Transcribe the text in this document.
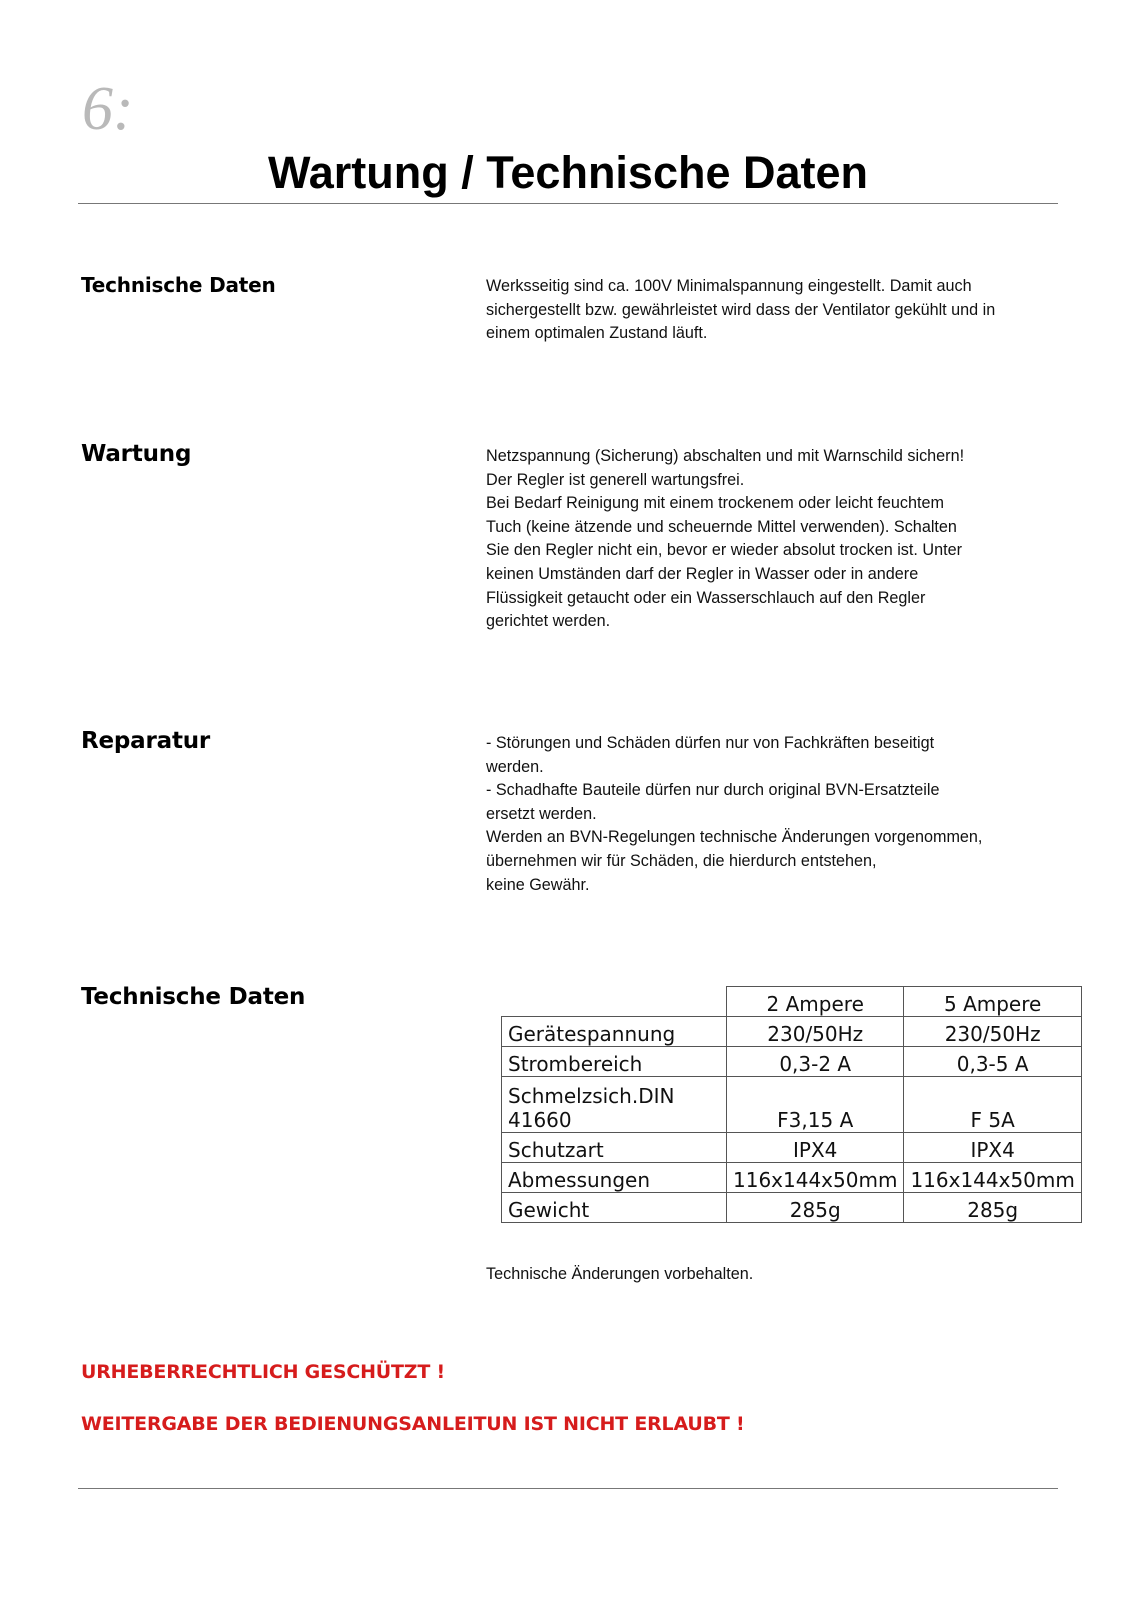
6:
Wartung / Technische Daten
Technische Daten	Werksseitig sind ca. 100V Minimalspannung eingestellt. Damit auch
sichergestellt bzw. gewährleistet wird dass der Ventilator gekühlt und in
einem optimalen Zustand läuft.
Wartung	Netzspannung (Sicherung) abschalten und mit Warnschild sichern!
Der Regler ist generell wartungsfrei.
Bei Bedarf Reinigung mit einem trockenem oder leicht feuchtem
Tuch (keine ätzende und scheuernde Mittel verwenden). Schalten
Sie den Regler nicht ein, bevor er wieder absolut trocken ist. Unter
keinen Umständen darf der Regler in Wasser oder in andere
Flüssigkeit getaucht oder ein Wasserschlauch auf den Regler
gerichtet werden.
Reparatur	- Störungen und Schäden dürfen nur von Fachkräften beseitigt
werden.
- Schadhafte Bauteile dürfen nur durch original BVN-Ersatzteile
ersetzt werden.
Werden an BVN-Regelungen technische Änderungen vorgenommen,
übernehmen wir für Schäden, die hierdurch entstehen,
keine Gewähr.
Technische Daten
		2 Ampere	5 Ampere
Gerätespannung	230/50Hz	230/50Hz
Strombereich	0,3-2 A	0,3-5 A

Schmelzsich.DIN
41660	F3,15 A	F 5A
Schutzart	IPX4	IPX4
Abmessungen	116x144x50mm	116x144x50mm
Gewicht	285g	285g
Technische Änderungen vorbehalten.
URHEBERRECHTLICH GESCHÜTZT !
WEITERGABE DER BEDIENUNGSANLEITUN IST NICHT ERLAUBT !
